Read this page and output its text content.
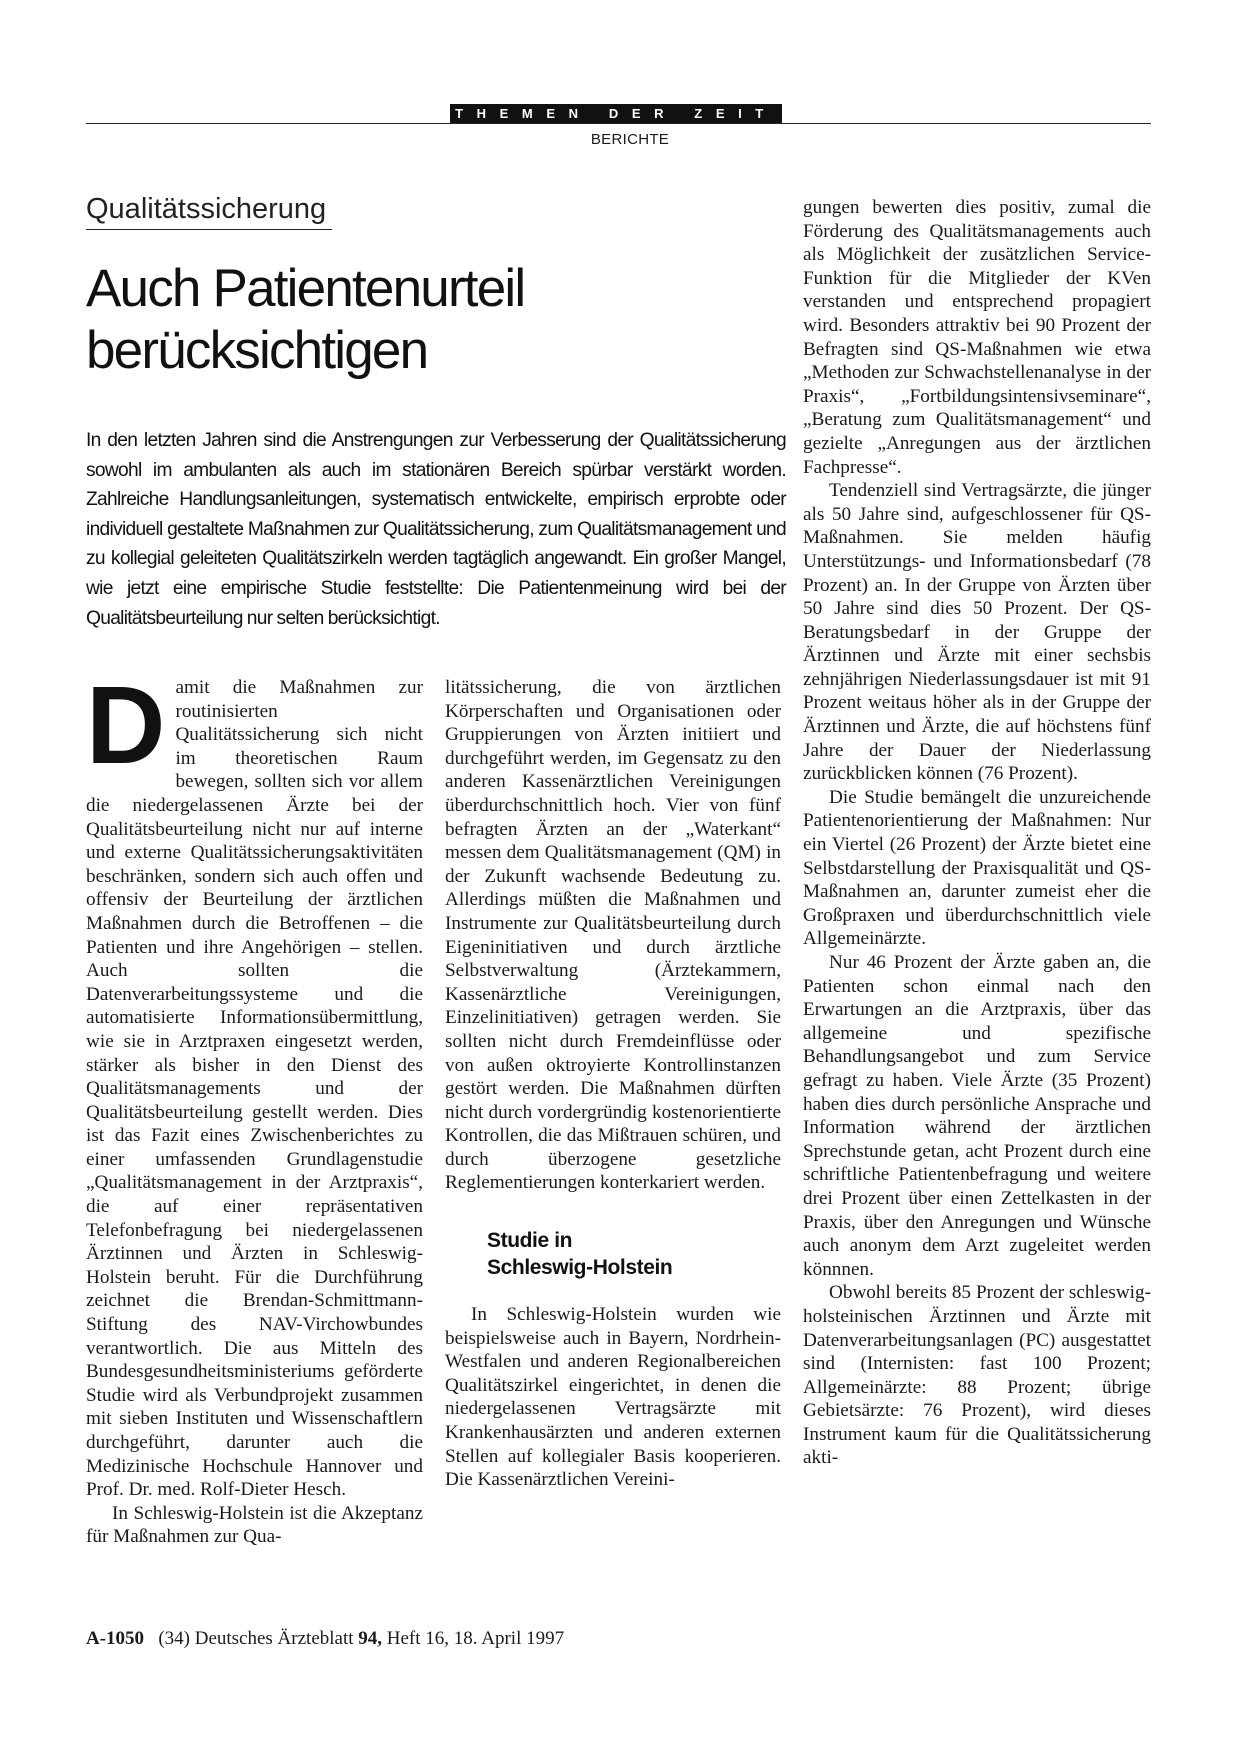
THEMEN DER ZEIT
BERICHTE
Qualitätssicherung
Auch Patientenurteil berücksichtigen

In den letzten Jahren sind die Anstrengungen zur Verbesserung der Qualitätssicherung sowohl im ambulanten als auch im stationären Bereich spürbar verstärkt worden. Zahlreiche Handlungsanleitungen, systematisch entwickelte, empirisch erprobte oder individuell gestaltete Maßnahmen zur Qualitätssicherung, zum Qualitätsmanagement und zu kollegial geleiteten Qualitätszirkeln werden tagtäglich angewandt. Ein großer Mangel, wie jetzt eine empirische Studie feststellte: Die Patientenmeinung wird bei der Qualitätsbeurteilung nur selten berücksichtigt.

Damit die Maßnahmen zur routinisierten Qualitätssicherung sich nicht im theoretischen Raum bewegen, sollten sich vor allem die niedergelassenen Ärzte bei der Qualitätsbeurteilung nicht nur auf interne und externe Qualitätssicherungsaktivitäten beschränken, sondern sich auch offen und offensiv der Beurteilung der ärztlichen Maßnahmen durch die Betroffenen – die Patienten und ihre Angehörigen – stellen. Auch sollten die Datenverarbeitungssysteme und die automatisierte Informationsübermittlung, wie sie in Arztpraxen eingesetzt werden, stärker als bisher in den Dienst des Qualitätsmanagements und der Qualitätsbeurteilung gestellt werden. Dies ist das Fazit eines Zwischenberichtes zu einer umfassenden Grundlagenstudie „Qualitätsmanagement in der Arztpraxis“, die auf einer repräsentativen Telefonbefragung bei niedergelassenen Ärztinnen und Ärzten in Schleswig-Holstein beruht. Für die Durchführung zeichnet die Brendan-Schmittmann-Stiftung des NAV-Virchowbundes verantwortlich. Die aus Mitteln des Bundesgesundheitsministeriums geförderte Studie wird als Verbundprojekt zusammen mit sieben Instituten und Wissenschaftlern durchgeführt, darunter auch die Medizinische Hochschule Hannover und Prof. Dr. med. Rolf-Dieter Hesch.

In Schleswig-Holstein ist die Akzeptanz für Maßnahmen zur Qua-

litätssicherung, die von ärztlichen Körperschaften und Organisationen oder Gruppierungen von Ärzten initiiert und durchgeführt werden, im Gegensatz zu den anderen Kassenärztlichen Vereinigungen überdurchschnittlich hoch. Vier von fünf befragten Ärzten an der „Waterkant“ messen dem Qualitätsmanagement (QM) in der Zukunft wachsende Bedeutung zu. Allerdings müßten die Maßnahmen und Instrumente zur Qualitätsbeurteilung durch Eigeninitiativen und durch ärztliche Selbstverwaltung (Ärztekammern, Kassenärztliche Vereinigungen, Einzelinitiativen) getragen werden. Sie sollten nicht durch Fremdeinflüsse oder von außen oktroyierte Kontrollinstanzen gestört werden. Die Maßnahmen dürften nicht durch vordergründig kostenorientierte Kontrollen, die das Mißtrauen schüren, und durch überzogene gesetzliche Reglementierungen konterkariert werden.

Studie in
Schleswig-Holstein

In Schleswig-Holstein wurden wie beispielsweise auch in Bayern, Nordrhein-Westfalen und anderen Regionalbereichen Qualitätszirkel eingerichtet, in denen die niedergelassenen Vertragsärzte mit Krankenhausärzten und anderen externen Stellen auf kollegialer Basis kooperieren. Die Kassenärztlichen Vereini-

gungen bewerten dies positiv, zumal die Förderung des Qualitätsmanagements auch als Möglichkeit der zusätzlichen Service-Funktion für die Mitglieder der KVen verstanden und entsprechend propagiert wird. Besonders attraktiv bei 90 Prozent der Befragten sind QS-Maßnahmen wie etwa „Methoden zur Schwachstellenanalyse in der Praxis“, „Fortbildungsintensivseminare“, „Beratung zum Qualitätsmanagement“ und gezielte „Anregungen aus der ärztlichen Fachpresse“.

Tendenziell sind Vertragsärzte, die jünger als 50 Jahre sind, aufgeschlossener für QS-Maßnahmen. Sie melden häufig Unterstützungs- und Informationsbedarf (78 Prozent) an. In der Gruppe von Ärzten über 50 Jahre sind dies 50 Prozent. Der QS-Beratungsbedarf in der Gruppe der Ärztinnen und Ärzte mit einer sechsbis zehnjährigen Niederlassungsdauer ist mit 91 Prozent weitaus höher als in der Gruppe der Ärztinnen und Ärzte, die auf höchstens fünf Jahre der Dauer der Niederlassung zurückblicken können (76 Prozent).

Die Studie bemängelt die unzureichende Patientenorientierung der Maßnahmen: Nur ein Viertel (26 Prozent) der Ärzte bietet eine Selbstdarstellung der Praxisqualität und QS-Maßnahmen an, darunter zumeist eher die Großpraxen und überdurchschnittlich viele Allgemeinärzte.

Nur 46 Prozent der Ärzte gaben an, die Patienten schon einmal nach den Erwartungen an die Arztpraxis, über das allgemeine und spezifische Behandlungsangebot und zum Service gefragt zu haben. Viele Ärzte (35 Prozent) haben dies durch persönliche Ansprache und Information während der ärztlichen Sprechstunde getan, acht Prozent durch eine schriftliche Patientenbefragung und weitere drei Prozent über einen Zettelkasten in der Praxis, über den Anregungen und Wünsche auch anonym dem Arzt zugeleitet werden könnnen.

Obwohl bereits 85 Prozent der schleswig-holsteinischen Ärztinnen und Ärzte mit Datenverarbeitungsanlagen (PC) ausgestattet sind (Internisten: fast 100 Prozent; Allgemeinärzte: 88 Prozent; übrige Gebietsärzte: 76 Prozent), wird dieses Instrument kaum für die Qualitätssicherung akti-

A-1050 (34) Deutsches Ärzteblatt 94, Heft 16, 18. April 1997
